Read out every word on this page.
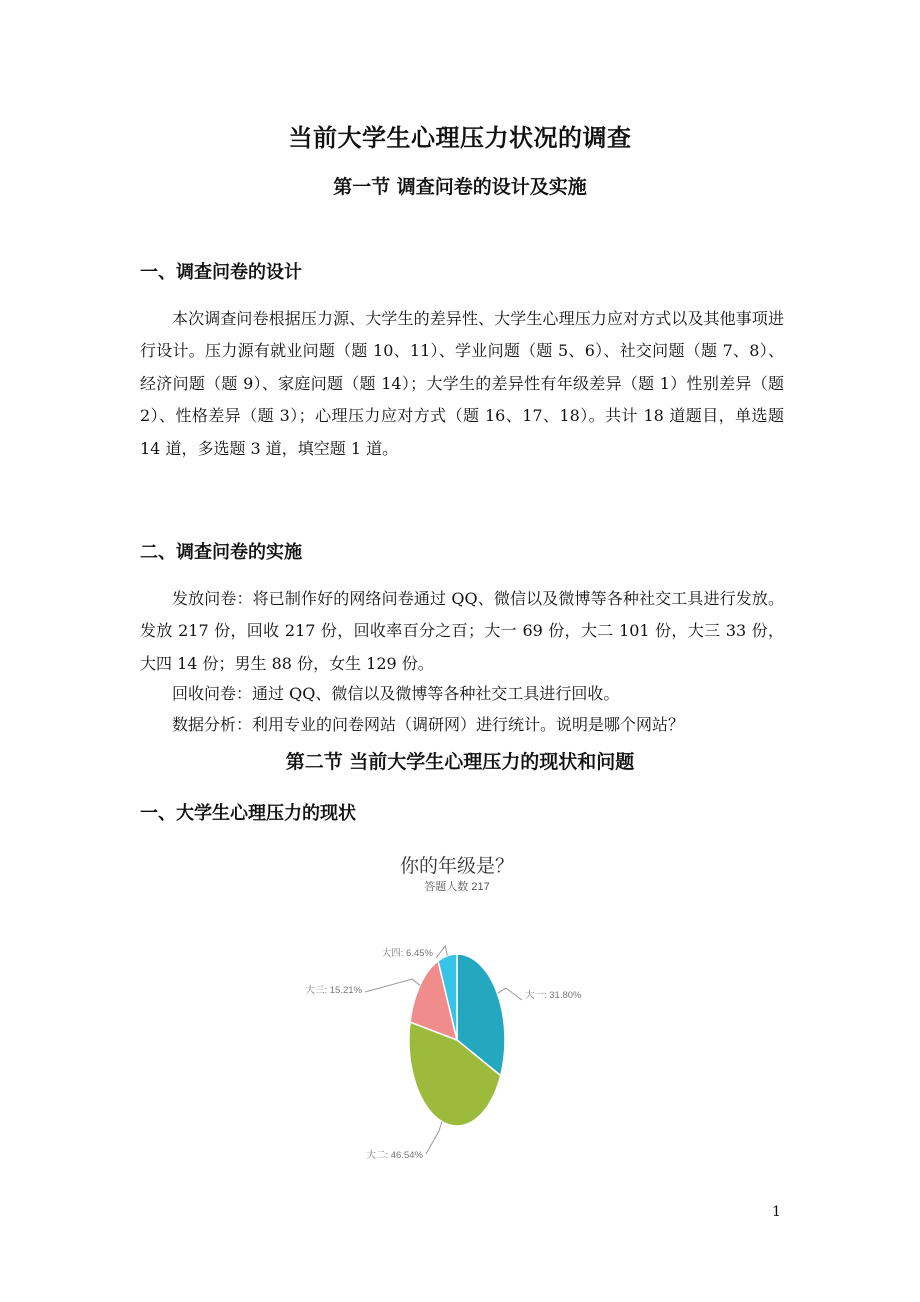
当前大学生心理压力状况的调查
第一节 调查问卷的设计及实施
一、调查问卷的设计

本次调查问卷根据压力源、大学生的差异性、大学生心理压力应对方式以及其他事项进行设计。压力源有就业问题（题 10、11）、学业问题（题 5、6）、社交问题（题 7、8）、经济问题（题 9）、家庭问题（题 14）；大学生的差异性有年级差异（题 1）性别差异（题 2）、性格差异（题 3）；心理压力应对方式（题 16、17、18）。共计 18 道题目，单选题 14 道，多选题 3 道，填空题 1 道。

二、调查问卷的实施

发放问卷：将已制作好的网络问卷通过 QQ、微信以及微博等各种社交工具进行发放。发放 217 份，回收 217 份，回收率百分之百；大一 69 份，大二 101 份，大三 33 份，大四 14 份；男生 88 份，女生 129 份。

回收问卷：通过 QQ、微信以及微博等各种社交工具进行回收。
数据分析：利用专业的问卷网站（调研网）进行统计。说明是哪个网站？
第二节 当前大学生心理压力的现状和问题
一、大学生心理压力的现状
你的年级是？
答题人数 217
大一: 31.80%
大二: 46.54%
大三: 15.21%
大四: 6.45%
1
